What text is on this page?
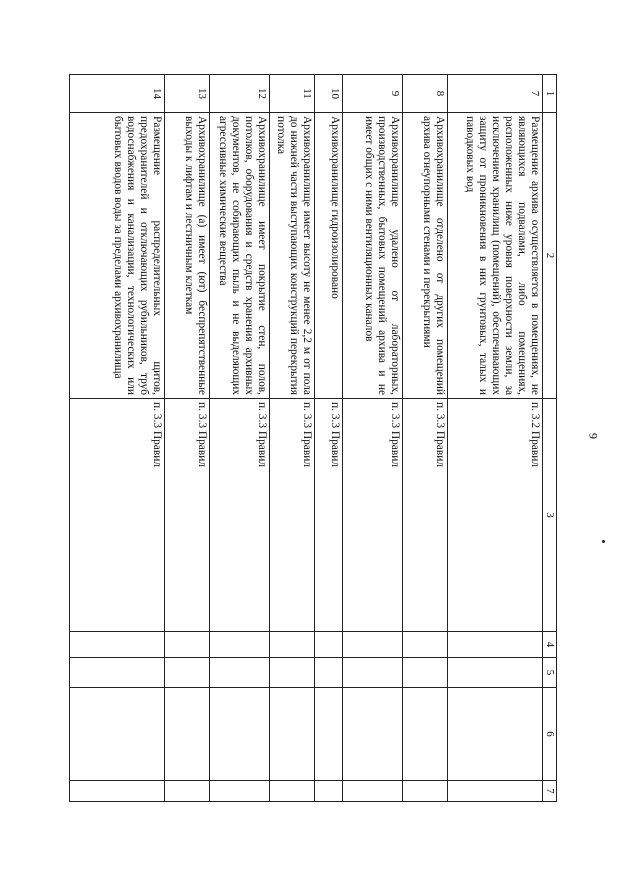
9
1	2	3	4	5	6	7
7	Размещение архива осуществляется в помещениях, не являющихся подвалами, либо помещениях, расположенных ниже уровня поверхности земли, за исключением хранилищ (помещений), обеспечивающих защиту от проникновения в них грунтовых, талых и паводковых вод	п. 3.2 Правил				
8	Архивохранилище отделено от других помещений архива огнеупорными стенами и перекрытиями	п. 3.3 Правил				
9	Архивохранилище удалено от лабораторных, производственных, бытовых помещений архива и не имеет общих с ними вентиляционных каналов	п. 3.3 Правил				
10	Архивохранилище гидроизолировано	п. 3.3 Правил				
11	Архивохранилище имеет высоту не менее 2,2 м от пола до нижней части выступающих конструкций перекрытия потолка	п. 3.3 Правил				
12	Архивохранилище имеет покрытие стен, полов, потолков, оборудования и средств хранения архивных документов, не собирающих пыль и не выделяющих агрессивные химические вещества	п. 3.3 Правил				
13	Архивохранилище (а) имеет (ют) беспрепятственные выходы к лифтам и лестничным клеткам	п. 3.3 Правил				
14	Размещение распределительных щитов, предохранителей и отключающих рубильников, труб водоснабжения и канализации, технологических или бытовых вводов воды за пределами архивохранилища	п. 3.3 Правил				
